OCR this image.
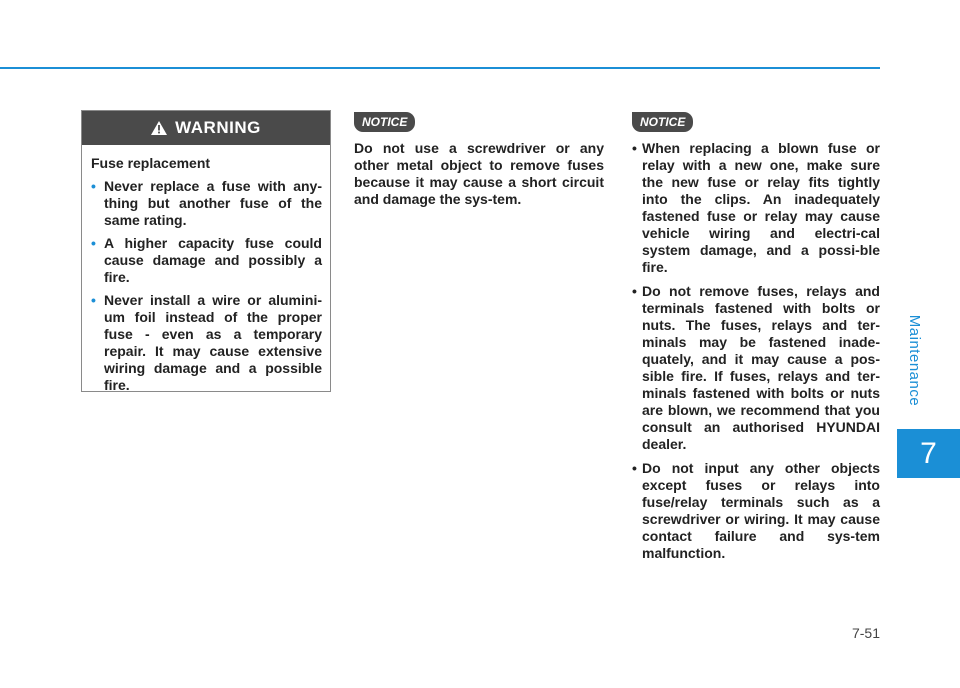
Maintenance
7
WARNING
Fuse replacement
• Never replace a fuse with any-thing but another fuse of the same rating.
• A higher capacity fuse could cause damage and possibly a fire.
• Never install a wire or alumini-um foil instead of the proper fuse - even as a temporary repair. It may cause extensive wiring damage and a possible fire.
NOTICE
Do not use a screwdriver or any other metal object to remove fuses because it may cause a short circuit and damage the sys-tem.
NOTICE
• When replacing a blown fuse or relay with a new one, make sure the new fuse or relay fits tightly into the clips. An inadequately fastened fuse or relay may cause vehicle wiring and electri-cal system damage, and a possi-ble fire.
• Do not remove fuses, relays and terminals fastened with bolts or nuts. The fuses, relays and ter-minals may be fastened inade-quately, and it may cause a pos-sible fire. If fuses, relays and ter-minals fastened with bolts or nuts are blown, we recommend that you consult an authorised HYUNDAI dealer.
• Do not input any other objects except fuses or relays into fuse/relay terminals such as a screwdriver or wiring. It may cause contact failure and sys-tem malfunction.
7-51
